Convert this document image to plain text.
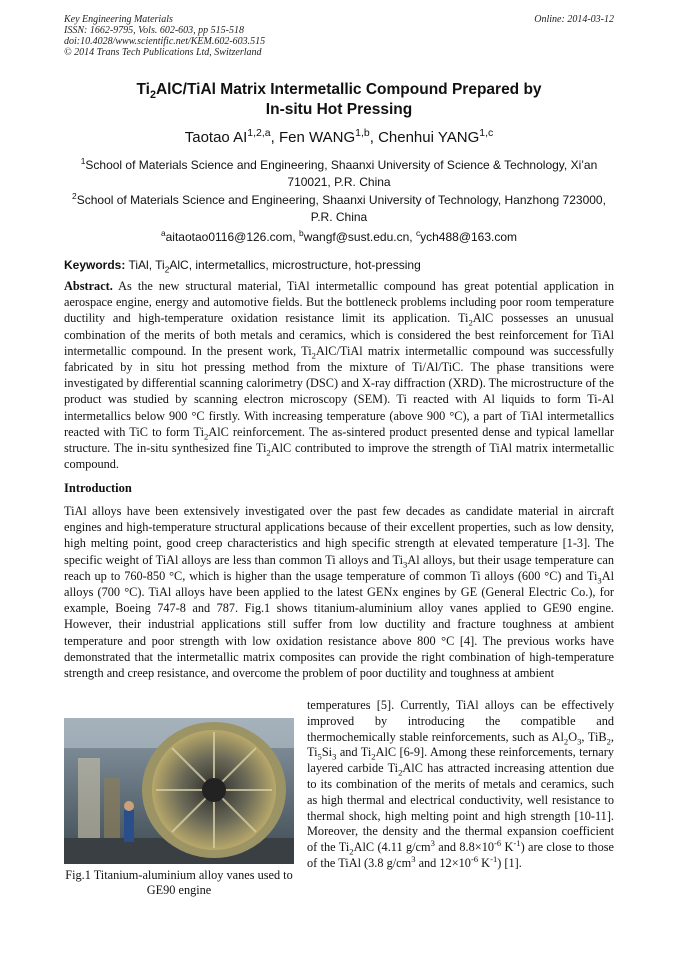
Key Engineering Materials
ISSN: 1662-9795, Vols. 602-603, pp 515-518
doi:10.4028/www.scientific.net/KEM.602-603.515
© 2014 Trans Tech Publications Ltd, Switzerland
Online: 2014-03-12
$Ti_2AlC$/TiAl Matrix Intermetallic Compound Prepared by
In-situ Hot Pressing
Taotao AI$^{1,2,a}$, Fen WANG$^{1,b}$, Chenhui YANG$^{1,c}$
$^1$School of Materials Science and Engineering, Shaanxi University of Science & Technology, Xi’an 710021, P.R. China
$^2$School of Materials Science and Engineering, Shaanxi University of Technology, Hanzhong 723000, P.R. China
$^a$aitaotao0116@126.com, $^b$wangf@sust.edu.cn, $^c$ych488@163.com
Keywords: TiAl, $Ti_2AlC$, intermetallics, microstructure, hot-pressing

Abstract. As the new structural material, TiAl intermetallic compound has great potential application in aerospace engine, energy and automotive fields. But the bottleneck problems including poor room temperature ductility and high-temperature oxidation resistance limit its application. $Ti_2AlC$ possesses an unusual combination of the merits of both metals and ceramics, which is considered the best reinforcement for TiAl intermetallic compound. In the present work, $Ti_2AlC$/TiAl matrix intermetallic compound was successfully fabricated by in situ hot pressing method from the mixture of Ti/Al/TiC. The phase transitions were investigated by differential scanning calorimetry (DSC) and X-ray diffraction (XRD). The microstructure of the product was studied by scanning electron microscopy (SEM). Ti reacted with Al liquids to form Ti-Al intermetallics below 900 °C firstly. With increasing temperature (above 900 °C), a part of TiAl intermetallics reacted with TiC to form $Ti_2AlC$ reinforcement. The as-sintered product presented dense and typical lamellar structure. The in-situ synthesized fine $Ti_2AlC$ contributed to improve the strength of TiAl matrix intermetallic compound.

Introduction

TiAl alloys have been extensively investigated over the past few decades as candidate material in aircraft engines and high-temperature structural applications because of their excellent properties, such as low density, high melting point, good creep characteristics and high specific strength at elevated temperature [1-3]. The specific weight of TiAl alloys are less than common Ti alloys and $Ti_3Al$ alloys, but their usage temperature can reach up to 760-850 °C, which is higher than the usage temperature of common Ti alloys (600 °C) and $Ti_3Al$ alloys (700 °C). TiAl alloys have been applied to the latest GENx engines by GE (General Electric Co.), for example, Boeing 747-8 and 787. Fig.1 shows titanium-aluminium alloy vanes applied to GE90 engine. However, their industrial applications still suffer from low ductility and fracture toughness at ambient temperature and poor strength with low oxidation resistance above 800 °C [4]. The previous works have demonstrated that the intermetallic matrix composites can provide the right combination of high-temperature strength and creep resistance, and overcome the problem of poor ductility and toughness at ambient

Fig.1 Titanium-aluminium alloy vanes used to GE90 engine

temperatures [5]. Currently, TiAl alloys can be effectively improved by introducing the compatible and thermochemically stable reinforcements, such as $Al_2O_3$, TiB$_2$, $Ti_5Si_3$ and $Ti_2AlC$ [6-9]. Among these reinforcements, ternary layered carbide $Ti_2AlC$ has attracted increasing attention due to its combination of the merits of metals and ceramics, such as high thermal and electrical conductivity, well resistance to thermal shock, high melting point and high strength [10-11]. Moreover, the density and the thermal expansion coefficient of the $Ti_2AlC$ (4.11 $g/cm^3$ and $8.8\times 10^{-6}$ $K^{-1}$) are close to those of the TiAl (3.8 $g/cm^3$ and $12\times 10^{-6}$ $K^{-1}$) [1].
